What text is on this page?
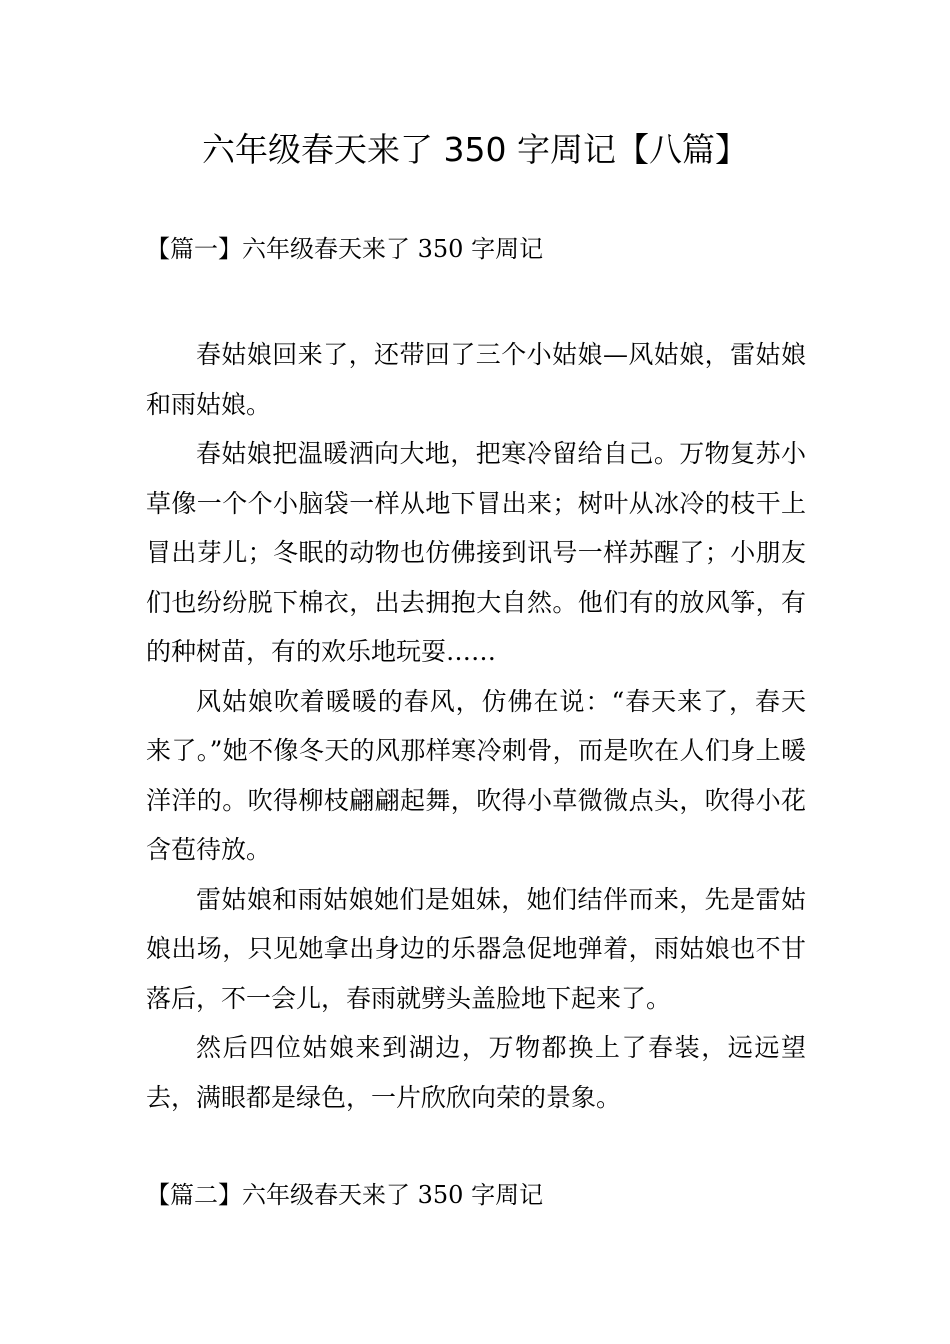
六年级春天来了 350 字周记【八篇】
【篇一】六年级春天来了 350 字周记

春姑娘回来了，还带回了三个小姑娘—风姑娘，雷姑娘和雨姑娘。

春姑娘把温暖洒向大地，把寒冷留给自己。万物复苏小草像一个个小脑袋一样从地下冒出来；树叶从冰冷的枝干上冒出芽儿；冬眠的动物也仿佛接到讯号一样苏醒了；小朋友们也纷纷脱下棉衣，出去拥抱大自然。他们有的放风筝，有的种树苗，有的欢乐地玩耍……

风姑娘吹着暖暖的春风，仿佛在说：“春天来了，春天来了。”她不像冬天的风那样寒冷刺骨，而是吹在人们身上暖洋洋的。吹得柳枝翩翩起舞，吹得小草微微点头，吹得小花含苞待放。

雷姑娘和雨姑娘她们是姐妹，她们结伴而来，先是雷姑娘出场，只见她拿出身边的乐器急促地弹着，雨姑娘也不甘落后，不一会儿，春雨就劈头盖脸地下起来了。

然后四位姑娘来到湖边，万物都换上了春装，远远望去，满眼都是绿色，一片欣欣向荣的景象。

【篇二】六年级春天来了 350 字周记
